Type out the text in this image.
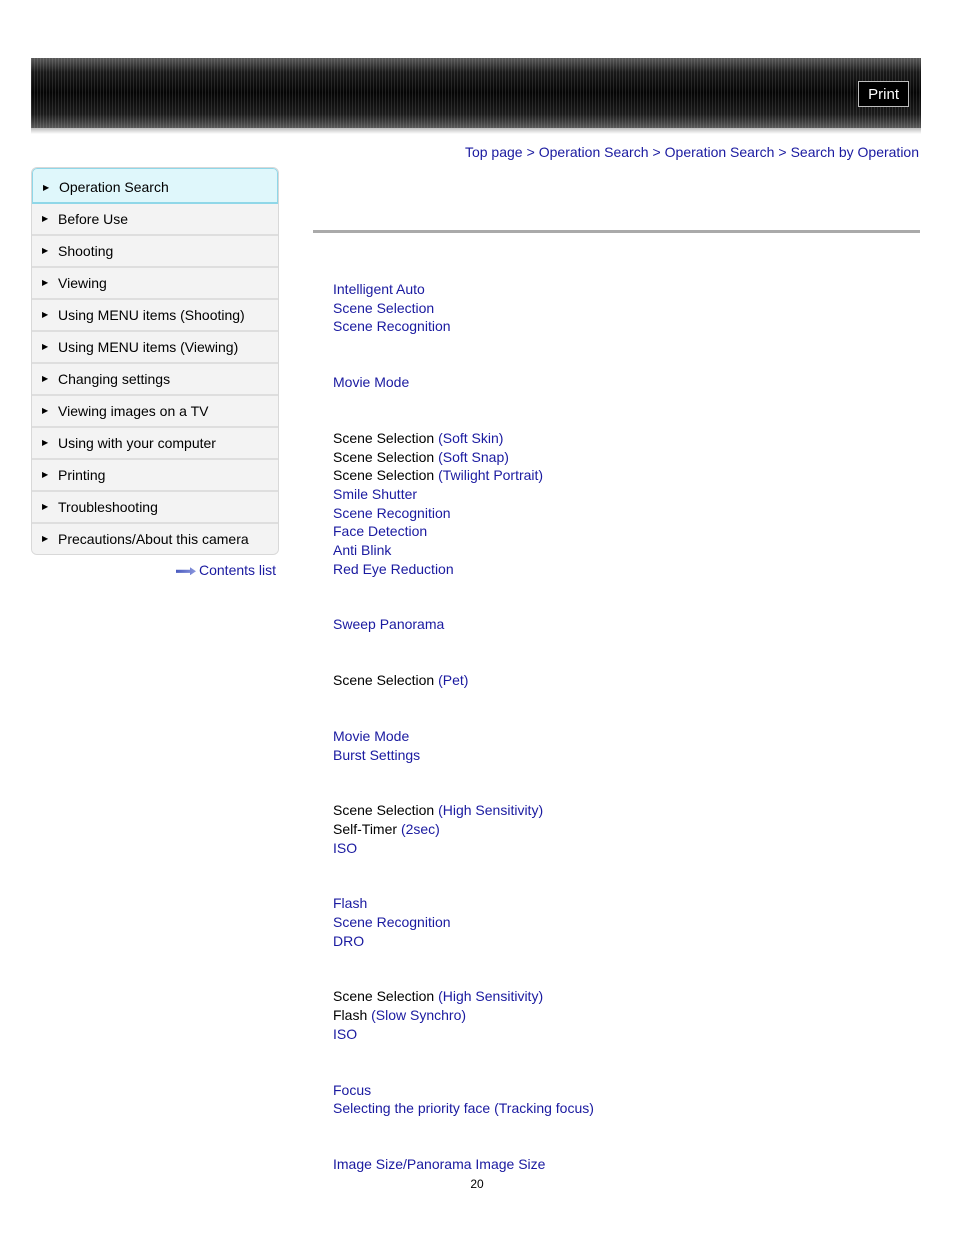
Print
Top page > Operation Search > Operation Search > Search by Operation
▶ Operation Search
▶ Before Use
▶ Shooting
▶ Viewing
▶ Using MENU items (Shooting)
▶ Using MENU items (Viewing)
▶ Changing settings
▶ Viewing images on a TV
▶ Using with your computer
▶ Printing
▶ Troubleshooting
▶ Precautions/About this camera
Contents list
Intelligent Auto
Scene Selection
Scene Recognition
Movie Mode
Scene Selection (Soft Skin)
Scene Selection (Soft Snap)
Scene Selection (Twilight Portrait)
Smile Shutter
Scene Recognition
Face Detection
Anti Blink
Red Eye Reduction
Sweep Panorama
Scene Selection (Pet)
Movie Mode
Burst Settings
Scene Selection (High Sensitivity)
Self-Timer (2sec)
ISO
Flash
Scene Recognition
DRO
Scene Selection (High Sensitivity)
Flash (Slow Synchro)
ISO
Focus
Selecting the priority face (Tracking focus)
Image Size/Panorama Image Size
20
